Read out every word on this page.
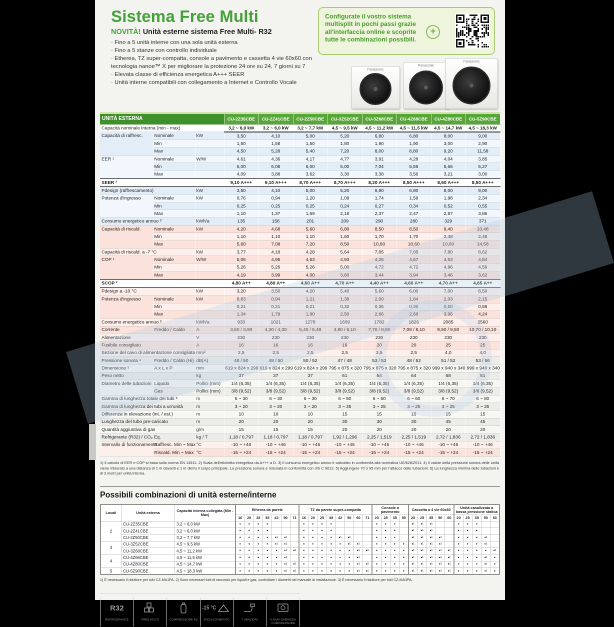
Sistema Free Multi
NOVITÀ! Unità esterne sistema Free Multi- R32
· Fino a 5 unità interne con una sola unità esterna
· Fino a 5 stanze con controllo individuale
· Etherea, TZ super-compatta, console a pavimento e cassetta 4 vie 60x60 con tecnologia nanoe™ X per migliorare la protezione 24 ore su 24, 7 giorni su 7
· Elevata classe di efficienza energetica A+++ SEER
· Unità interne compatibili con collegamento a Internet e Controllo Vocale
Configurate il vostro sistema multisplit in pochi passi grazie all'interfaccia online e scoprite tutte le combinazioni possibili.
+
Panasonic
Panasonic
Panasonic
UNITÀ ESTERNA			CU-2Z35CBE	CU-2Z41CBE	CU-2Z50CBE	CU-3Z52CBE	CU-3Z68CBE	CU-4Z68CBE	CU-4Z80CBE	CU-5Z90CBE
Capacità nominale interna (min - max)			3,2 ~ 6,0 kW	3,2 ~ 6,0 kW	3,2 ~ 7,7 kW	4,5 ~ 9,5 kW	4,5 ~ 11,2 kW	4,5 ~ 11,5 kW	4,5 ~ 14,7 kW	4,5 ~ 18,3 kW
Capacità di raffresc.	Nominale	kW	3,50	4,10	5,00	5,20	6,80	6,80	8,00	9,00
	Min		1,50	1,58	1,50	1,80	1,90	1,90	3,00	2,90
	Max		4,50	5,28	5,40	7,20	8,00	8,80	9,20	11,58
EER ¹	Nominale	W/W	4,61	4,36	4,17	4,77	3,91	4,28	4,04	3,85
	Min		6,00	6,08	6,00	5,00	7,04	5,59	5,66	5,27
	Max		4,09	3,88	3,62	3,30	3,38	3,56	3,21	3,00
SEER ²			9,10 A+++	9,10 A+++	8,70 A+++	8,70 A+++	8,20 A+++	8,50 A+++	8,50 A+++	8,50 A+++
Pdesign (raffrescamento)		kW	3,50	4,10	5,00	5,20	6,80	6,80	8,00	9,00
Potenza d'ingresso	Nominale	kW	0,76	0,94	1,20	1,09	1,74	1,59	1,98	2,34
	Min		0,25	0,25	0,25	0,24	0,27	0,34	0,52	0,55
	Max		1,10	1,37	1,69	2,18	2,37	2,47	2,87	3,86
Consumo energetico annuo ³		kWh/a	135	158	201	209	290	280	329	371
Capacità di riscald.	Nominale	kW	4,20	4,68	5,60	6,80	8,50	8,50	9,40	10,48
	Min		1,10	1,10	1,10	1,60	1,70	1,70	2,48	2,48
	Max		5,60	7,08	7,20	8,50	10,60	10,60	10,60	14,58
Capacità di riscald. a -7 °C		kW	3,77	4,18	4,28	5,64	7,05	7,05	7,80	8,62
COP ¹	Nominale	W/W	5,06	4,95	4,63	4,93	4,25	4,67	4,63	4,84
	Min		5,26	5,26	5,26	5,00	4,72	4,72	4,96	4,56
	Max		4,19	3,99	4,00	3,60	3,44	3,94	3,46	3,62
SCOP ²			4,80 A++	4,80 A++	4,60 A++	4,70 A++	4,40 A++	4,60 A++	4,70 A++	4,65 A++
Pdesign a -10 °C		kW	3,20	3,50	4,20	5,40	5,60	6,00	7,00	8,50
Potenza d'ingresso	Nominale	kW	0,83	0,94	1,21	1,38	2,00	1,84	2,03	2,15
	Min		0,21	0,21	0,21	0,32	0,36	0,36	0,50	0,58
	Max		1,34	1,79	1,90	2,50	2,66	2,68	3,06	4,24
Consumo energetico annuo ³		kWh/a	933	1021	1278	1609	1782	1826	2085	2560
Corrente	Freddo / Caldo	A	3,60 / 3,90	4,30 / 4,30	5,40 / 5,48	4,80 / 6,10	7,70 / 8,80	7,08 / 8,10	9,50 / 9,50	10,70 / 10,10
Alimentazione		V	230	230	230	230	230	230	230	230
Fusibile consigliato		A	16	16	16	16	20	20	25	25
Sezione del cavo di alimentazione consigliata		mm²	2,5	2,5	2,5	2,5	2,5	2,5	4,0	4,0
Pressione sonora ⁴	Freddo / Caldo (Hi)	dB(A)	48 / 50	48 / 50	50 / 52	47 / 48	53 / 53	48 / 52	51 / 52	53 / 56
Dimensione ⁵	A x L x P	mm	619 x 824 x 299	619 x 824 x 299	619 x 824 x 299	795 x 875 x 320	795 x 875 x 320	795 x 875 x 320	999 x 940 x 340	999 x 940 x 340
Peso netto		kg	37	37	37	61	64	64	68	81
Diametro delle tubazioni	Liquido	Pollici (mm)	1/4 (6,35)	1/4 (6,35)	1/4 (6,35)	1/4 (6,35)	1/4 (6,35)	1/4 (6,35)	1/4 (6,35)	1/4 (6,35)
	Gas	Pollici (mm)	3/8 (9,52)	3/8 (9,52)	3/8 (9,52)	3/8 (9,52)	3/8 (9,52)	3/8 (9,52)	3/8 (9,52)	3/8 (9,52)
Gamma di lunghezza totale dei tubi ⁶		m	6 ~ 30	6 ~ 30	6 ~ 30	6 ~ 50	6 ~ 60	6 ~ 60	6 ~ 70	6 ~ 80
Gamma di lunghezza dei tubi a un'unità		m	3 ~ 20	3 ~ 20	3 ~ 20	3 ~ 25	3 ~ 25	3 ~ 25	3 ~ 25	3 ~ 25
Differenza in elevazione (int. / est.)		m	10	10	10	15	15	15	15	15
Lunghezza del tubo pre-caricato		m	20	20	20	30	30	30	45	45
Quantità aggiuntiva di gas		g/m	15	15	15	20	20	20	20	20
Refrigerante (R32) / CO₂ Eq.		kg / T	1,18 / 0,797	1,18 / 0,797	1,18 / 0,797	1,92 / 1,296	2,25 / 1,519	2,25 / 1,519	2,72 / 1,836	2,72 / 1,836
Intervallo di funzionamento	Raffresc. Min ~ Max	°C	-10 ~ +46	-10 ~ +46	-10 ~ +46	-10 ~ +46	-10 ~ +46	-10 ~ +46	-10 ~ +46	-10 ~ +46
	Riscald. Min ~ Max	°C	-15 ~ +24	-15 ~ +24	-15 ~ +24	-15 ~ +24	-15 ~ +24	-15 ~ +24	-15 ~ +24	-15 ~ +24

1) Il calcolo di EER e COP si basa sulla norma EN 14511. 2) Scala dell'etichetta energetica da A+++ a D. 3) Il consumo energetico annuo è calcolato in conformità alla normativa UE/626/2011. 4) Il valore della pressione sonora delle unità viene misurato a una distanza di 1 m davanti e 1 m dietro il corpo principale. La pressione sonora è misurata in conformità con JIS C 9612. 5) Aggiungere 70 o 95 mm per l'attacco delle tubazioni. 6) La lunghezza minima delle tubazioni è di 3 metri per unità interna.

Possibili combinazioni di unità esterne/interne
Locali	Unità esterna	Capacità interna collegata (Min - Max)	Etherea da parete							TZ da parete super-compatta								Console a pavimento				Cassetta a 4 vie 60x60					Unità canalizzata a bassa pressione statica				
			16	20	25	35	42	50	71	16	20	25	35	42	50	60	71	20	25	35	50	20	25	35	50	60	20	25	35	50	60
2	CU-2Z35CBE	3,2 ~ 6,0 kW	•	•	•	•				•	•	•	•					•	•	•		•¹	•¹	•¹			•	•	•		
	CU-2Z41CBE	3,2 ~ 6,0 kW	•	•	•	•				•	•	•	•					•	•	•		•¹	•¹	•¹			•	•	•		
	CU-2Z50CBE	3,2 ~ 7,7 kW	•	•	•	•	•¹	•¹		•	•	•	•	•¹	•¹			•	•	•		•¹	•¹	•¹	•¹		•	•	•	•¹	
3	CU-3Z52CBE	4,5 ~ 9,5 kW	•	•	•	•	•¹	•¹		•	•	•	•	•	•¹	•¹		•	•	•	•	•¹	•¹	•¹	•¹		•	•	•	•¹	
	CU-3Z68CBE	4,5 ~ 11,2 kW	•	•	•	•	•	•¹	•²	•	•	•	•	•	•	•¹	•²	•	•	•	•	•¹	•¹	•¹	•¹	•¹	•	•	•	•	•¹
4	CU-4Z68CBE	4,5 ~ 11,5 kW	•	•	•	•	•	•¹		•	•	•	•	•	•	•¹		•	•	•	•	•¹	•¹	•¹	•¹	•¹	•	•	•	•¹	•
	CU-4Z80CBE	4,5 ~ 14,7 kW	•	•	•	•	•	•¹	•²	•	•	•	•	•	•	•¹	•²	•	•	•	•	•¹	•¹	•¹	•¹	•¹	•	•	•	•¹	•
5	CU-5Z90CBE	4,5 ~ 18,3 kW	•	•	•	•	•	•¹	•²	•	•	•	•	•	•	•¹	•²	•	•	•	•	•¹	•¹	•¹	•¹	•¹	•	•	•	•¹	•

1) È necessario il riduttore per tubi CZ-MA1PA. 2) Sono necessari tubi di raccordo per liquidi e gas, controllare i diametri nel manuale di installazione. 3) È necessario il riduttore per tubi CZ-MA3PA.

R32
REFRIGERANTE FREE MULTI COMPRESSORE R2
-15 °C
RISCALDAMENTO TUBAZIONI	5 ANNI GARANZIA COMPRESSORE
